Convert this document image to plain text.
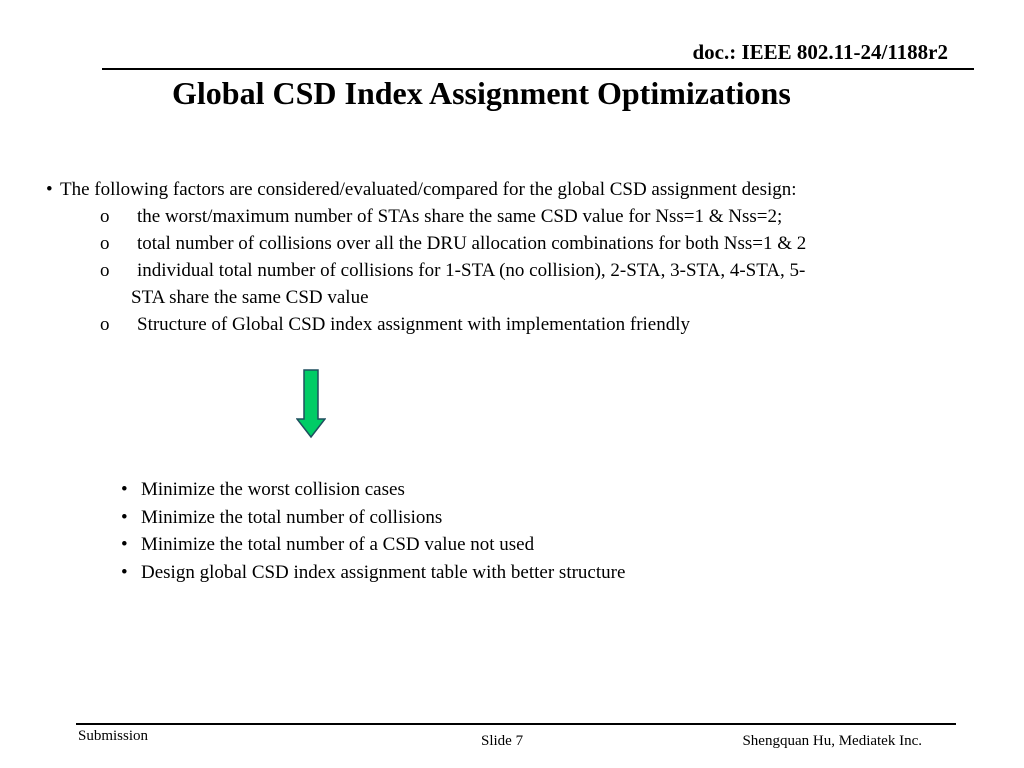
doc.: IEEE 802.11-24/1188r2
Global CSD Index Assignment Optimizations
• The following factors are considered/evaluated/compared for the global CSD assignment design:
o	the worst/maximum number of STAs share the same CSD value for Nss=1 & Nss=2;
o	total number of collisions over all the DRU allocation combinations for both Nss=1 & 2
o	individual total number of collisions for 1-STA (no collision), 2-STA, 3-STA, 4-STA, 5-
STA share the same CSD value
o	Structure of Global CSD index assignment with implementation friendly
• Minimize the worst collision cases
• Minimize the total number of collisions
• Minimize the total number of a CSD value not used
• Design global CSD index assignment table with better structure
Submission	Slide 7	Shengquan Hu, Mediatek Inc.
